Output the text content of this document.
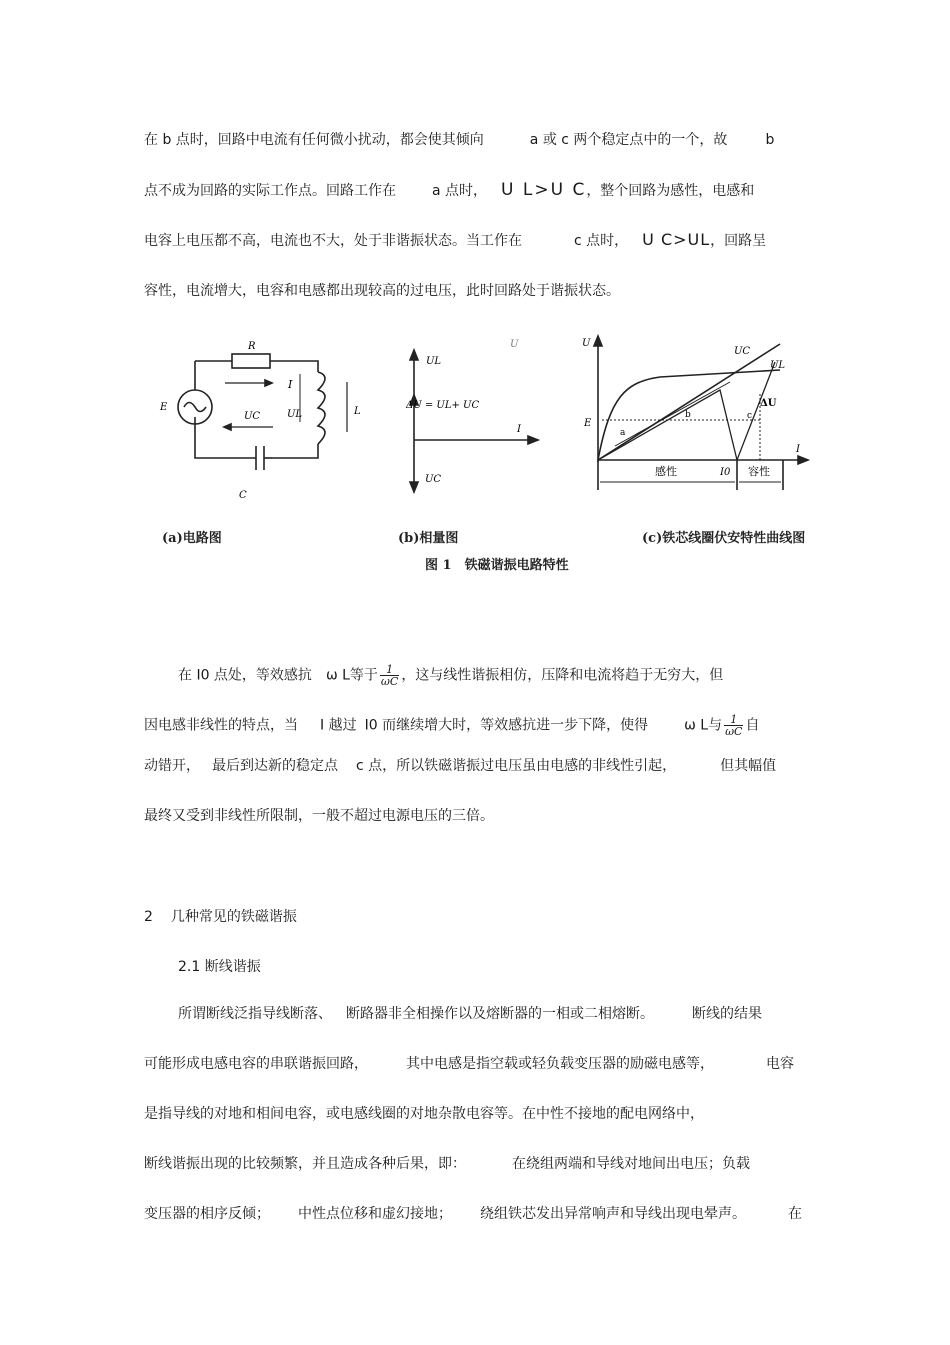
在 b 点时，回路中电流有任何微小扰动，都会使其倾向	a 或 c 两个稳定点中的一个，故	b
点不成为回路的实际工作点。回路工作在	a 点时， U L>U C，整个回路为感性，电感和
电容上电压都不高，电流也不大，处于非谐振状态。当工作在	c 点时， U C>UL，回路呈
容性，电流增大，电容和电感都出现较高的过电压，此时回路处于谐振状态。
R
E
I
UL
UC	L
C
U
UL
ΔU = UL+ UC
I
UC
U
UC
UL
E
a
b	c
ΔU
I
感性	I0 容性
(a)电路图	(b)相量图	(c)铁芯线圈伏安特性曲线图
图 1　铁磁谐振电路特性
在 I0 点处，等效感抗 ω L等于 $\frac{1}{\omega C}$ ，这与线性谐振相仿，压降和电流将趋于无穷大，但
因电感非线性的特点，当 I 越过 I0 而继续增大时，等效感抗进一步下降，使得	ω L与 $\frac{1}{\omega C}$ 自
动错开， 最后到达新的稳定点 c 点，所以铁磁谐振过电压虽由电感的非线性引起，	但其幅值
最终又受到非线性所限制，一般不超过电源电压的三倍。
2 几种常见的铁磁谐振
2.1 断线谐振
所谓断线泛指导线断落、 断路器非全相操作以及熔断器的一相或二相熔断。	断线的结果
可能形成电感电容的串联谐振回路，	其中电感是指空载或轻负载变压器的励磁电感等，	电容
是指导线的对地和相间电容，或电感线圈的对地杂散电容等。在中性不接地的配电网络中，
断线谐振出现的比较频繁，并且造成各种后果，即：	在绕组两端和导线对地间出电压；负载
变压器的相序反倾； 中性点位移和虚幻接地； 绕组铁芯发出异常响声和导线出现电晕声。	在
